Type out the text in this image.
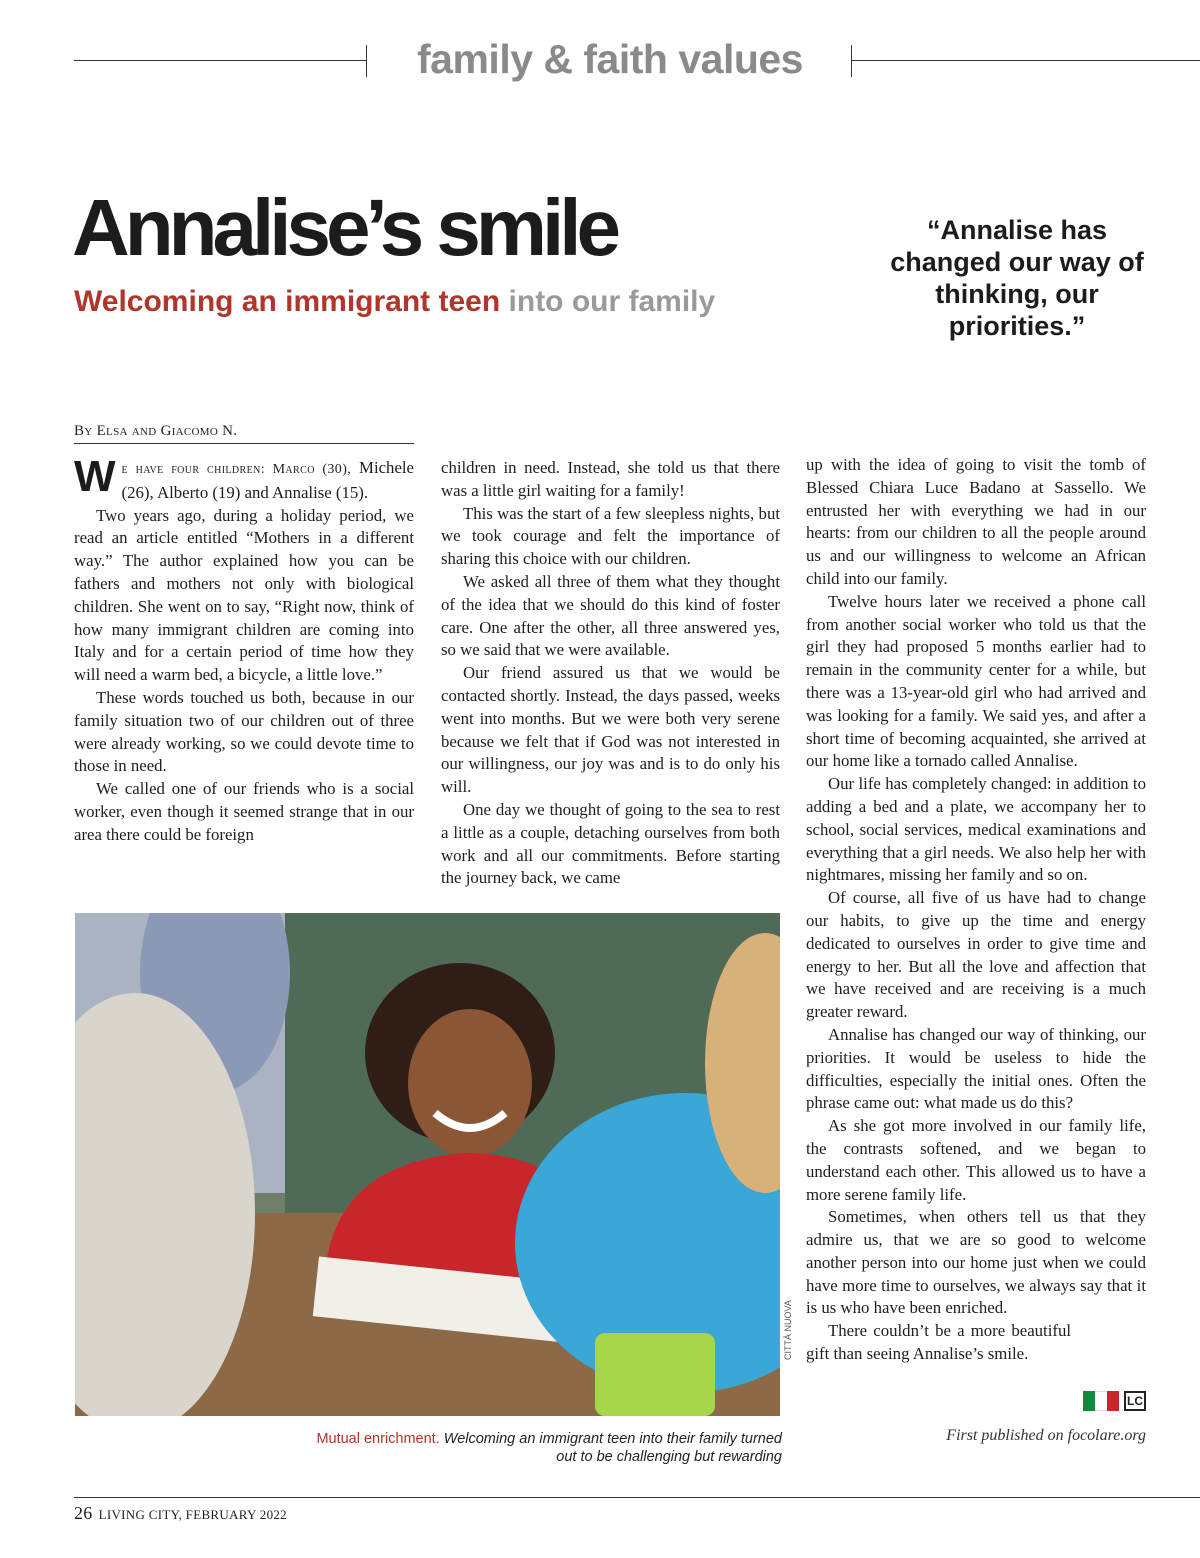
family & faith values
Annalise’s smile
Welcoming an immigrant teen into our family
“Annalise has changed our way of thinking, our priorities.”
By Elsa and Giacomo N.

We have four children: Marco (30), Michele (26), Alberto (19) and Annalise (15).

Two years ago, during a holiday period, we read an article entitled “Mothers in a different way.” The author explained how you can be fathers and mothers not only with biological children. She went on to say, “Right now, think of how many immigrant children are coming into Italy and for a certain period of time how they will need a warm bed, a bicycle, a little love.”

These words touched us both, because in our family situation two of our children out of three were already working, so we could devote time to those in need.

We called one of our friends who is a social worker, even though it seemed strange that in our area there could be foreign

children in need. Instead, she told us that there was a little girl waiting for a family!

This was the start of a few sleepless nights, but we took courage and felt the importance of sharing this choice with our children.

We asked all three of them what they thought of the idea that we should do this kind of foster care. One after the other, all three answered yes, so we said that we were available.

Our friend assured us that we would be contacted shortly. Instead, the days passed, weeks went into months. But we were both very serene because we felt that if God was not interested in our willingness, our joy was and is to do only his will.

One day we thought of going to the sea to rest a little as a couple, detaching ourselves from both work and all our commitments. Before starting the journey back, we came

up with the idea of going to visit the tomb of Blessed Chiara Luce Badano at Sassello. We entrusted her with everything we had in our hearts: from our children to all the people around us and our willingness to welcome an African child into our family.

Twelve hours later we received a phone call from another social worker who told us that the girl they had proposed 5 months earlier had to remain in the community center for a while, but there was a 13-year-old girl who had arrived and was looking for a family. We said yes, and after a short time of becoming acquainted, she arrived at our home like a tornado called Annalise.

Our life has completely changed: in addition to adding a bed and a plate, we accompany her to school, social services, medical examinations and everything that a girl needs. We also help her with nightmares, missing her family and so on.

Of course, all five of us have had to change our habits, to give up the time and energy dedicated to ourselves in order to give time and energy to her. But all the love and affection that we have received and are receiving is a much greater reward.

Annalise has changed our way of thinking, our priorities. It would be useless to hide the difficulties, especially the initial ones. Often the phrase came out: what made us do this?

As she got more involved in our family life, the contrasts softened, and we began to understand each other. This allowed us to have a more serene family life.

Sometimes, when others tell us that they admire us, that we are so good to welcome another person into our home just when we could have more time to ourselves, we always say that it is us who have been enriched.

There couldn’t be a more beautiful gift than seeing Annalise’s smile.

LC
First published on focolare.org
CITTÀ NUOVA
Mutual enrichment. Welcoming an immigrant teen into their family turned out to be challenging but rewarding
26 LIVING CITY, FEBRUARY 2022
